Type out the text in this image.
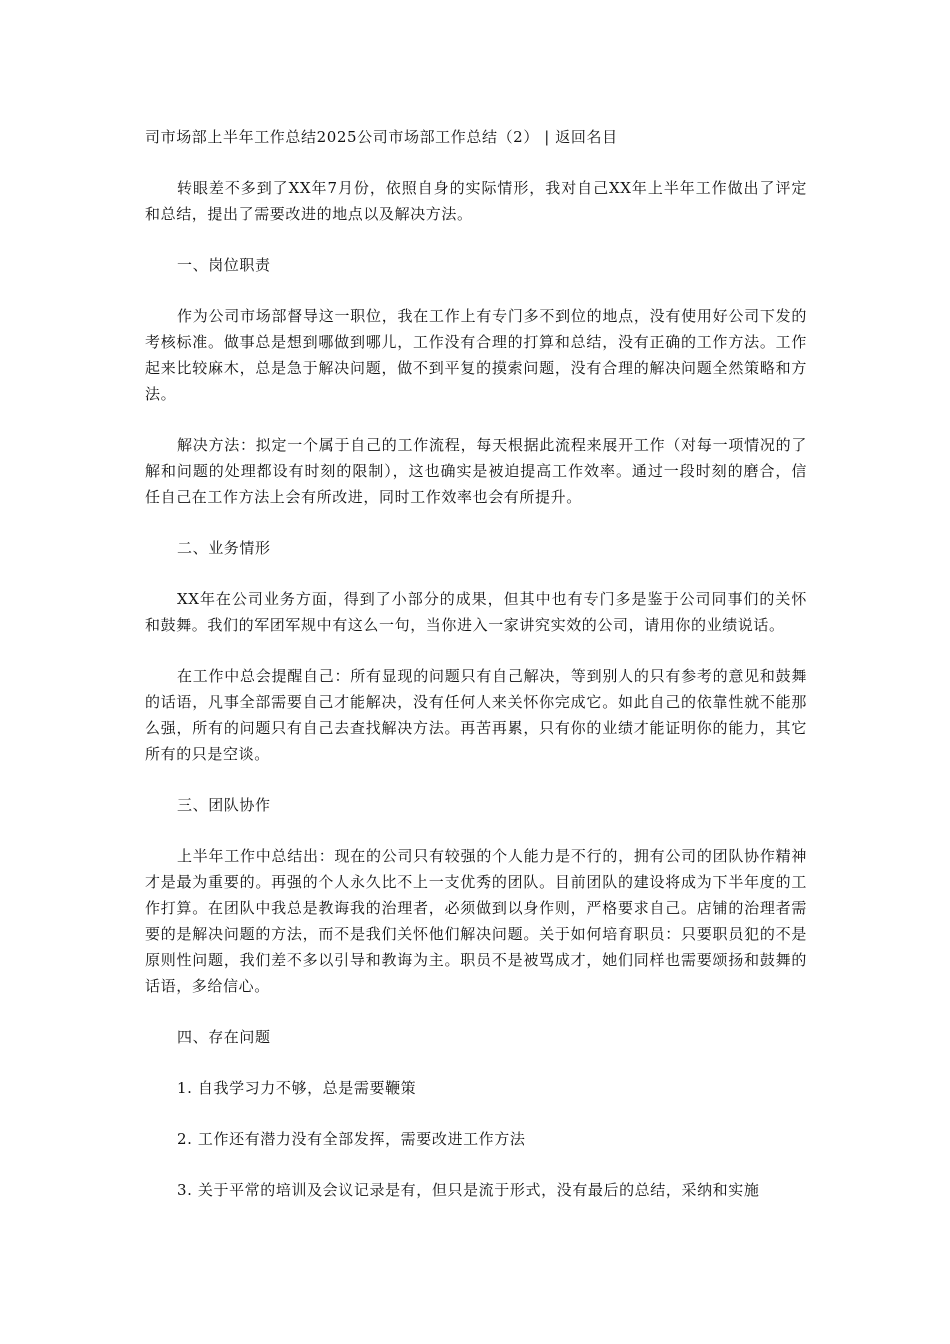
司市场部上半年工作总结2025公司市场部工作总结（2） | 返回名目

转眼差不多到了XX年7月份，依照自身的实际情形，我对自己XX年上半年工作做出了评定和总结，提出了需要改进的地点以及解决方法。

一、岗位职责

作为公司市场部督导这一职位，我在工作上有专门多不到位的地点，没有使用好公司下发的考核标准。做事总是想到哪做到哪儿，工作没有合理的打算和总结，没有正确的工作方法。工作起来比较麻木，总是急于解决问题，做不到平复的摸索问题，没有合理的解决问题全然策略和方法。

解决方法：拟定一个属于自己的工作流程，每天根据此流程来展开工作（对每一项情况的了解和问题的处理都设有时刻的限制），这也确实是被迫提高工作效率。通过一段时刻的磨合，信任自己在工作方法上会有所改进，同时工作效率也会有所提升。

二、业务情形

XX年在公司业务方面，得到了小部分的成果，但其中也有专门多是鉴于公司同事们的关怀和鼓舞。我们的军团军规中有这么一句，当你进入一家讲究实效的公司，请用你的业绩说话。

在工作中总会提醒自己：所有显现的问题只有自己解决，等到别人的只有参考的意见和鼓舞的话语，凡事全部需要自己才能解决，没有任何人来关怀你完成它。如此自己的依靠性就不能那么强，所有的问题只有自己去查找解决方法。再苦再累，只有你的业绩才能证明你的能力，其它所有的只是空谈。

三、团队协作

上半年工作中总结出：现在的公司只有较强的个人能力是不行的，拥有公司的团队协作精神才是最为重要的。再强的个人永久比不上一支优秀的团队。目前团队的建设将成为下半年度的工作打算。在团队中我总是教诲我的治理者，必须做到以身作则，严格要求自己。店铺的治理者需要的是解决问题的方法，而不是我们关怀他们解决问题。关于如何培育职员：只要职员犯的不是原则性问题，我们差不多以引导和教诲为主。职员不是被骂成才，她们同样也需要颂扬和鼓舞的话语，多给信心。

四、存在问题

1. 自我学习力不够，总是需要鞭策

2. 工作还有潜力没有全部发挥，需要改进工作方法

3. 关于平常的培训及会议记录是有，但只是流于形式，没有最后的总结，采纳和实施
